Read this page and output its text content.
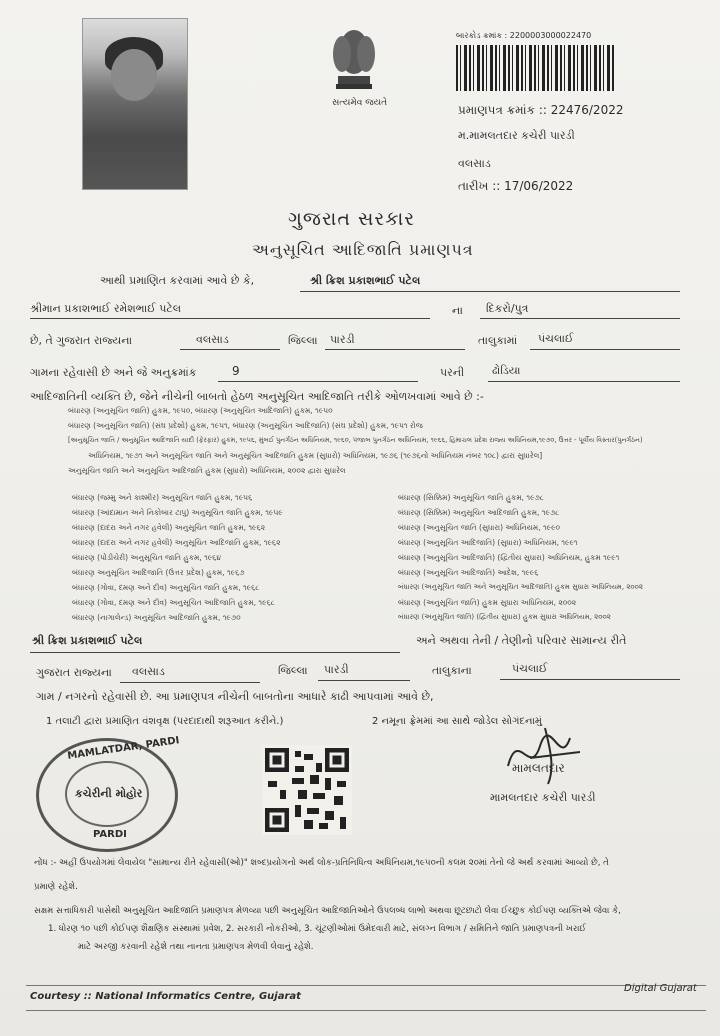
સત્યમેવ જયતે
બારકોડ ક્રમાંક : 2200003000022470
પ્રમાણપત્ર ક્રમાંક :: 22476/2022
મ.મામલતદાર કચેરી પારડી
વલસાડ
તારીખ :: 17/06/2022
ગુજરાત સરકાર
અનુસૂચિત આદિજાતિ પ્રમાણપત્ર
આથી પ્રમાણિત કરવામાં આવે છે કે,	શ્રી ક્રિશ પ્રકાશભાઈ પટેલ
શ્રીમાન પ્રકાશભાઈ રમેશભાઈ પટેલ	ના દિકરો/પુત્ર
છે, તે ગુજરાત રાજ્યના	વલસાડ	જિલ્લા પારડી	તાલુકામાં પંચલાઈ
ગામના રહેવાસી છે અને જે અનુક્રમાંક	9	પરની	ઢોડિયા
આદિજાતિની વ્યક્તિ છે, જેને નીચેની બાબતો હેઠળ અનુસૂચિત આદિજાતિ તરીકે ઓળખવામાં આવે છે :-
બંધારણ (અનુસૂચિત જાતિ) હુકમ, ૧૯૫૦, બંધારણ (અનુસૂચિત આદિજાતિ) હુકમ, ૧૯૫૦
બંધારણ (અનુસૂચિત જાતિ) (સંઘ પ્રદેશો) હુકમ, ૧૯૫૧, બંધારણ (અનુસૂચિત આદિજાતિ) (સંઘ પ્રદેશો) હુકમ, ૧૯૫૧ રોજ
[અનુસૂચિત જાતિ / અનુસૂચિત આદિજાતિ યાદી (ફેરફાર) હુકમ, ૧૯૫૬, મુંબઈ પુનર્ગઠન અધિનિયમ, ૧૯૬૦, પંજાબ પુનર્ગઠન અધિનિયમ, ૧૯૬૬, હિમાચલ પ્રદેશ રાજ્ય અધિનિયમ,૧૯૭૦, ઉત્તર - પૂર્વીય વિસ્તાર(પુનર્ગઠન)
અધિનિયમ, ૧૯૭૧ અને અનુસૂચિત જાતિ અને અનુસૂચિત આદિજાતિ હુકમ (સુધારો) અધિનિયમ, ૧૯૭૬ (૧૯૭૬નો અધિનિયમ નંબર ૧૦૮) દ્વારા સુધારેલ]
અનુસૂચિત જાતિ અને અનુસૂચિત આદિજાતિ હુકમ (સુધારો) અધિનિયમ, ૨૦૦૨ દ્વારા સુધારેલ
બંધારણ (જમ્મુ અને કાશ્મીર) અનુસૂચિત જાતિ હુકમ, ૧૯૫૬
બંધારણ (આંદામાન અને નિકોબાર ટાપુ) અનુસૂચિત જાતિ હુકમ, ૧૯૫૯
બંધારણ (દાદરા અને નગર હવેલી) અનુસૂચિત જાતિ હુકમ, ૧૯૬૨
બંધારણ (દાદરા અને નગર હવેલી) અનુસૂચિત આદિજાતિ હુકમ, ૧૯૬૨
બંધારણ (પોંડીચેરી) અનુસૂચિત જાતિ હુકમ, ૧૯૬૪
બંધારણ અનુસૂચિત આદિજાતિ (ઉત્તર પ્રદેશ) હુકમ, ૧૯૬૭
બંધારણ (ગોવા, દમણ અને દીવ) અનુસૂચિત જાતિ હુકમ, ૧૯૬૮
બંધારણ (ગોવા, દમણ અને દીવ) અનુસૂચિત આદિજાતિ હુકમ, ૧૯૬૮
બંધારણ (નાગાલેન્ડ) અનુસૂચિત આદિજાતિ હુકમ, ૧૯૭૦
બંધારણ (સિક્કિમ) અનુસૂચિત જાતિ હુકમ, ૧૯૭૮
બંધારણ (સિક્કિમ) અનુસૂચિત આદિજાતિ હુકમ, ૧૯૭૮
બંધારણ (અનુસૂચિત જાતિ (સુધારા) અધિનિયમ, ૧૯૯૦
બંધારણ (અનુસૂચિત આદિજાતિ) (સુધારા) અધિનિયમ, ૧૯૯૧
બંધારણ (અનુસૂચિત આદિજાતિ) (દ્વિતીય સુધારા) અધિનિયમ, હુકમ ૧૯૯૧
બંધારણ (અનુસૂચિત આદિજાતિ) આદેશ, ૧૯૯૬
બંધારણ (અનુસૂચિત જાતિ અને અનુસૂચિત આદિજાતિ) હુકમ સુધારા અધિનિયમ, ૨૦૦૨
બંધારણ (અનુસૂચિત જાતિ) હુકમ સુધારા અધિનિયમ, ૨૦૦૨
બંધારણ (અનુસૂચિત જાતિ) (દ્વિતીય સુધારા) હુકમ સુધારા અધિનિયમ, ૨૦૦૨
શ્રી ક્રિશ પ્રકાશભાઈ પટેલ	અને અથવા તેની / તેણીનો પરિવાર સામાન્ય રીતે
ગુજરાત રાજ્યના વલસાડ	જિલ્લા પારડી	તાલુકાના	પંચલાઈ
ગામ / નગરનો રહેવાસી છે. આ પ્રમાણપત્ર નીચેની બાબતોના આધારે કાઢી આપવામાં આવે છે,
1 તલાટી દ્વારા પ્રમાણિત વંશવૃક્ષ (પરદાદાથી શરૂઆત કરીને.)	2 નમૂના ફ્રેમમાં આ સાથે જોડેલ સોગંદનામું
MAMLATDAR, PARDI
કચેરીની મોહોર
PARDI
મામલતદાર
મામલતદાર કચેરી પારડી
નોંધ :- અહીં ઉપયોગમાં લેવાયેલ "સામાન્ય રીતે રહેવાસી(ઓ)" શબ્દપ્રયોગનો અર્થ લોક-પ્રતિનિધિત્વ અધિનિયમ,૧૯૫૦ની કલમ ૨૦માં તેનો જે અર્થ કરવામાં આવ્યો છે, તે
પ્રમાણે રહેશે.
સક્ષમ સત્તાધિકારી પાસેથી અનુસૂચિત આદિજાતિ પ્રમાણપત્ર મેળવ્યા પછી અનુસૂચિત આદિજાતિઓને ઉપલબ્ધ લાભો અથવા છૂટછાટો લેવા ઈચ્છુક કોઈપણ વ્યક્તિએ જેવા કે,
1. ધોરણ ૧૦ પછી કોઈપણ શૈક્ષણિક સંસ્થામાં પ્રવેશ, 2. સરકારી નોકરીઓ, 3. ચૂંટણીઓમાં ઉમેદવારી માટે, સંલગ્ન વિભાગ / સમિતિને જાતિ પ્રમાણપત્રની ખરાઈ
માટે અરજી કરવાની રહેશે તથા નાનતા પ્રમાણપત્ર મેળવી લેવાનું રહેશે.
Courtesy :: National Informatics Centre, Gujarat
Digital Gujarat
